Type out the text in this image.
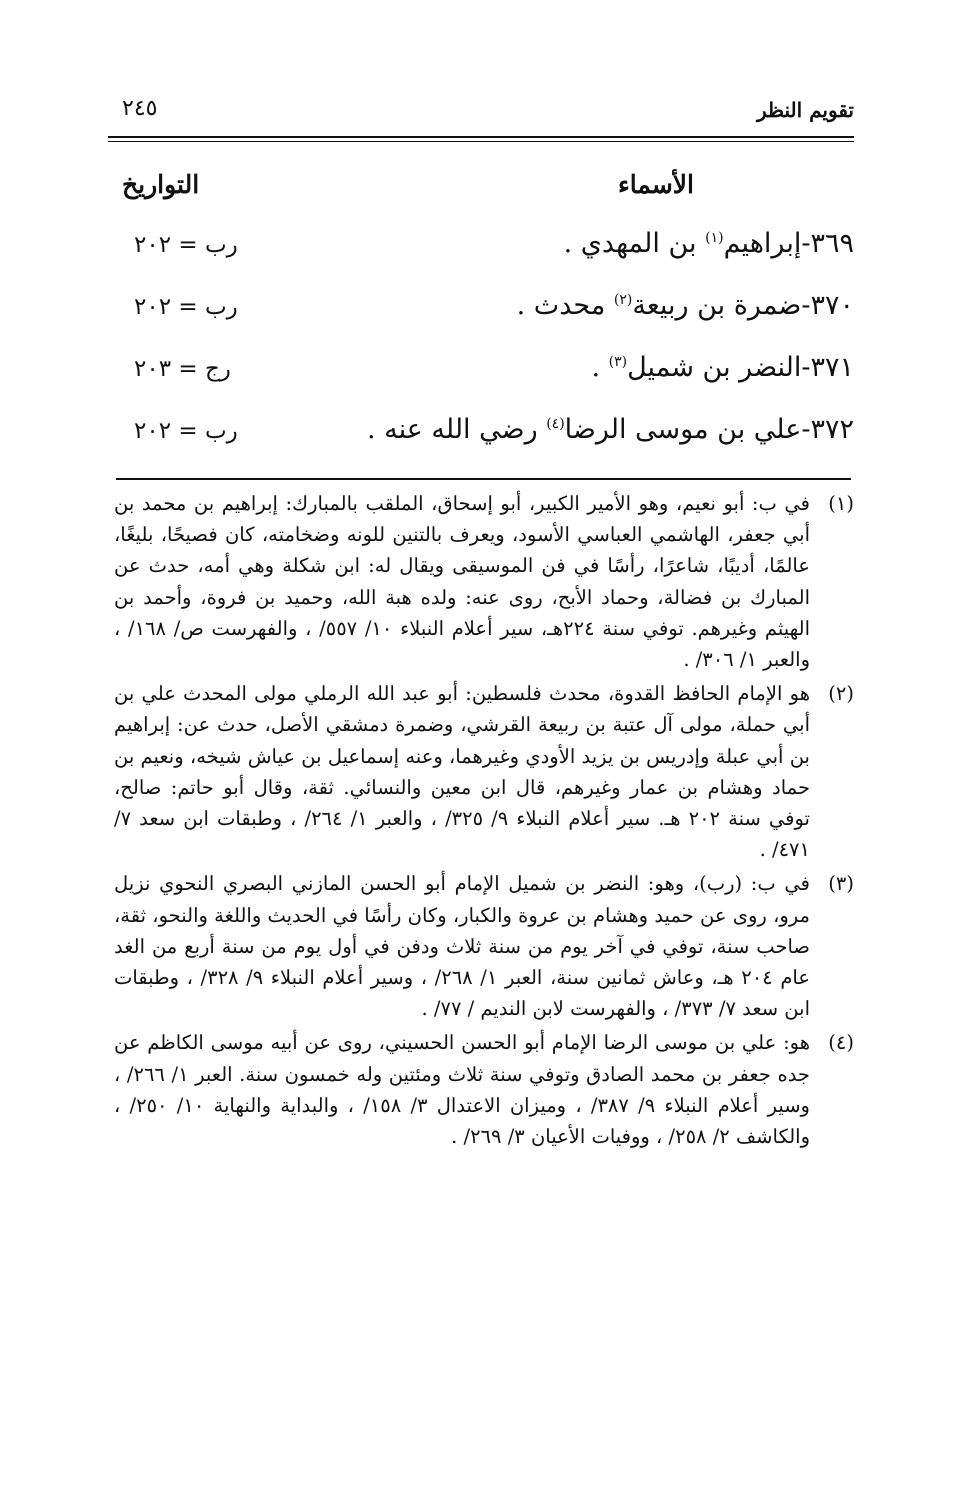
تقويم النظر
٢٤٥
الأسماء
التواريخ
٣٦٩-إبراهيم$^{(١)}$ بن المهدي .
رب = ٢٠٢
٣٧٠-ضمرة بن ربيعة$^{(٢)}$ محدث .
رب = ٢٠٢
٣٧١-النضر بن شميل$^{(٣)}$ .
رج = ٢٠٣
٣٧٢-علي بن موسى الرضا$^{(٤)}$ رضي الله عنه .
رب = ٢٠٢

(١)
في ب: أبو نعيم، وهو الأمير الكبير، أبو إسحاق، الملقب بالمبارك: إبراهيم بن محمد بن أبي جعفر، الهاشمي العباسي الأسود، ويعرف بالتنين للونه وضخامته، كان فصيحًا، بليغًا، عالمًا، أديبًا، شاعرًا، رأسًا في فن الموسيقى ويقال له: ابن شكلة وهي أمه، حدث عن المبارك بن فضالة، وحماد الأبح، روى عنه: ولده هبة الله، وحميد بن فروة، وأحمد بن الهيثم وغيرهم. توفي سنة ٢٢٤هـ، سير أعلام النبلاء ١٠/ ٥٥٧/ ، والفهرست ص/ ١٦٨/ ، والعبر ١/ ٣٠٦/ .

(٢)
هو الإمام الحافظ القدوة، محدث فلسطين: أبو عبد الله الرملي مولى المحدث علي بن أبي حملة، مولى آل عتبة بن ربيعة القرشي، وضمرة دمشقي الأصل، حدث عن: إبراهيم بن أبي عبلة وإدريس بن يزيد الأودي وغيرهما، وعنه إسماعيل بن عياش شيخه، ونعيم بن حماد وهشام بن عمار وغيرهم، قال ابن معين والنسائي. ثقة، وقال أبو حاتم: صالح، توفي سنة ٢٠٢ هـ. سير أعلام النبلاء ٩/ ٣٢٥/ ، والعبر ١/ ٢٦٤/ ، وطبقات ابن سعد ٧/ ٤٧١/ .

(٣)
في ب: (رب)، وهو: النضر بن شميل الإمام أبو الحسن المازني البصري النحوي نزيل مرو، روى عن حميد وهشام بن عروة والكبار، وكان رأسًا في الحديث واللغة والنحو، ثقة، صاحب سنة، توفي في آخر يوم من سنة ثلاث ودفن في أول يوم من سنة أربع من الغد عام ٢٠٤ هـ، وعاش ثمانين سنة، العبر ١/ ٢٦٨/ ، وسير أعلام النبلاء ٩/ ٣٢٨/ ، وطبقات ابن سعد ٧/ ٣٧٣/ ، والفهرست لابن النديم / ٧٧/ .

(٤)
هو: علي بن موسى الرضا الإمام أبو الحسن الحسيني، روى عن أبيه موسى الكاظم عن جده جعفر بن محمد الصادق وتوفي سنة ثلاث ومئتين وله خمسون سنة. العبر ١/ ٢٦٦/ ، وسير أعلام النبلاء ٩/ ٣٨٧/ ، وميزان الاعتدال ٣/ ١٥٨/ ، والبداية والنهاية ١٠/ ٢٥٠/ ، والكاشف ٢/ ٢٥٨/ ، ووفيات الأعيان ٣/ ٢٦٩/ .
